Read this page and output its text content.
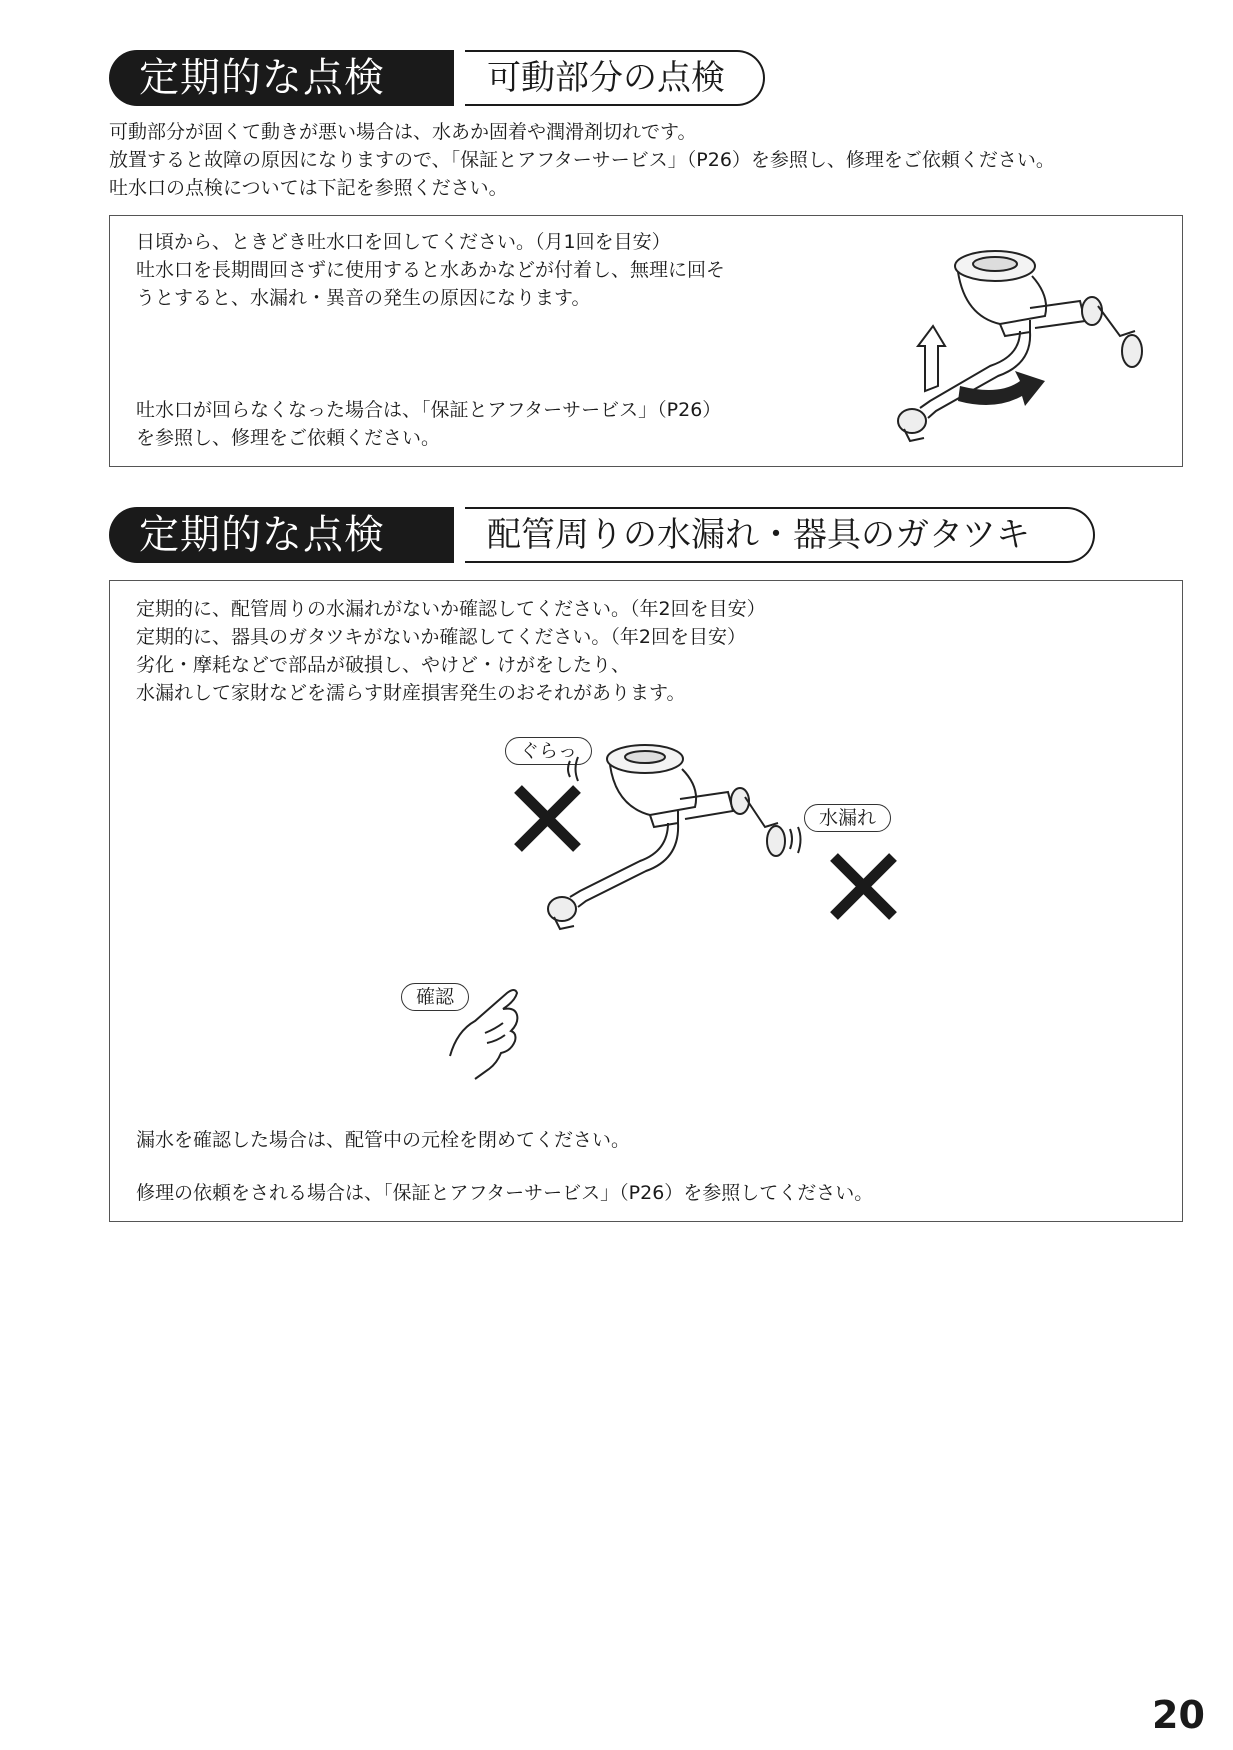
定期的な点検	可動部分の点検
可動部分が固くて動きが悪い場合は、水あか固着や潤滑剤切れです。
放置すると故障の原因になりますので、「保証とアフターサービス」（P26）を参照し、修理をご依頼ください。
吐水口の点検については下記を参照ください。
日頃から、ときどき吐水口を回してください。（月1回を目安）
吐水口を長期間回さずに使用すると水あかなどが付着し、無理に回そ
うとすると、水漏れ・異音の発生の原因になります。
吐水口が回らなくなった場合は、「保証とアフターサービス」（P26）
を参照し、修理をご依頼ください。
定期的な点検	配管周りの水漏れ・器具のガタツキ
定期的に、配管周りの水漏れがないか確認してください。（年2回を目安）
定期的に、器具のガタツキがないか確認してください。（年2回を目安）
劣化・摩耗などで部品が破損し、やけど・けがをしたり、
水漏れして家財などを濡らす財産損害発生のおそれがあります。
ぐらっ
水漏れ
確認
漏水を確認した場合は、配管中の元栓を閉めてください。
修理の依頼をされる場合は、「保証とアフターサービス」（P26）を参照してください。
20
